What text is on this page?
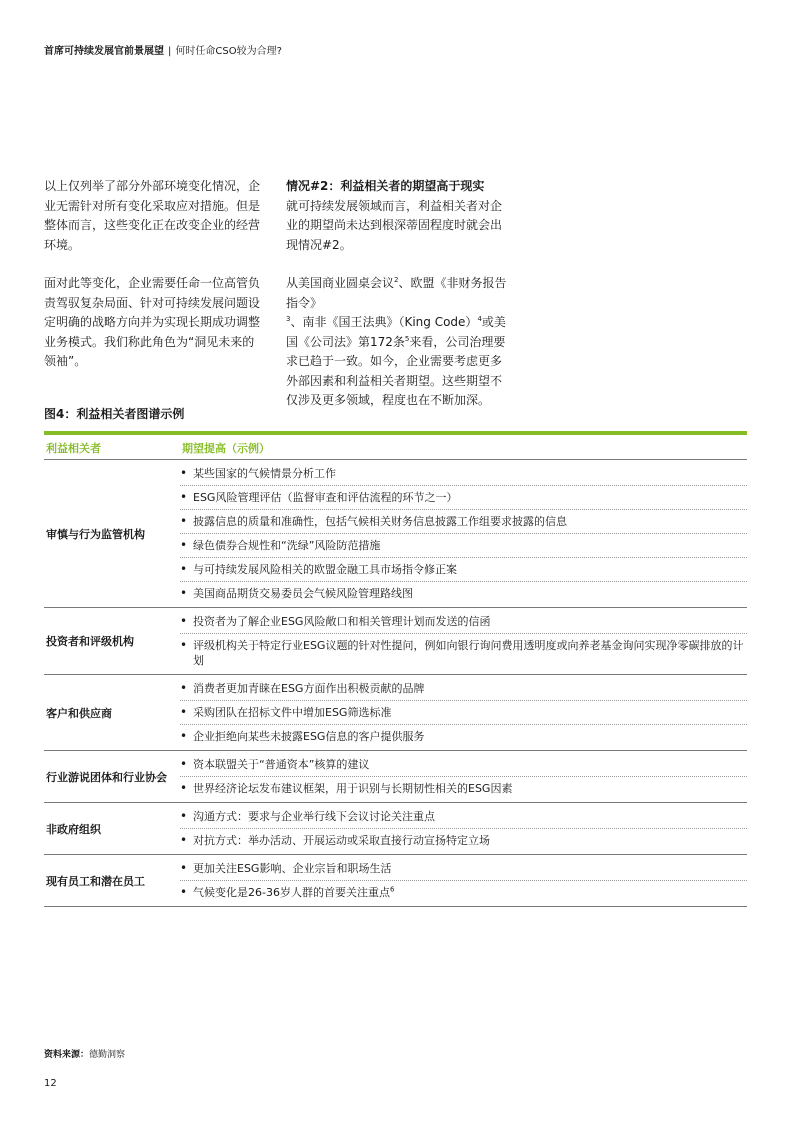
首席可持续发展官前景展望 | 何时任命CSO较为合理?

以上仅列举了部分外部环境变化情况，企业无需针对所有变化采取应对措施。但是整体而言，这些变化正在改变企业的经营环境。

面对此等变化，企业需要任命一位高管负责驾驭复杂局面、针对可持续发展问题设定明确的战略方向并为实现长期成功调整业务模式。我们称此角色为“洞见未来的领袖”。

情况#2：利益相关者的期望高于现实

就可持续发展领域而言，利益相关者对企业的期望尚未达到根深蒂固程度时就会出现情况#2。

从美国商业圆桌会议$^2$、欧盟《非财务报告指令》$^3$、南非《国王法典》（King Code）$^4$或美国《公司法》第172条$^5$来看，公司治理要求已趋于一致。如今，企业需要考虑更多外部因素和利益相关者期望。这些期望不仅涉及更多领域，程度也在不断加深。

图4：利益相关者图谱示例
利益相关者	期望提高（示例）
审慎与行为监管机构
• 某些国家的气候情景分析工作
• ESG风险管理评估（监督审查和评估流程的环节之一）
• 披露信息的质量和准确性，包括气候相关财务信息披露工作组要求披露的信息
• 绿色债券合规性和“洗绿”风险防范措施
• 与可持续发展风险相关的欧盟金融工具市场指令修正案
• 美国商品期货交易委员会气候风险管理路线图
投资者和评级机构
• 投资者为了解企业ESG风险敞口和相关管理计划而发送的信函
• 评级机构关于特定行业ESG议题的针对性提问，例如向银行询问费用透明度或向养老基金询问实现净零碳排放的计划
客户和供应商
• 消费者更加青睐在ESG方面作出积极贡献的品牌
• 采购团队在招标文件中增加ESG筛选标准
• 企业拒绝向某些未披露ESG信息的客户提供服务
行业游说团体和行业协会
• 资本联盟关于“普通资本”核算的建议
• 世界经济论坛发布建议框架，用于识别与长期韧性相关的ESG因素
非政府组织
• 沟通方式：要求与企业举行线下会议讨论关注重点
• 对抗方式：举办活动、开展运动或采取直接行动宣扬特定立场
现有员工和潜在员工
• 更加关注ESG影响、企业宗旨和职场生活
• 气候变化是26-36岁人群的首要关注重点$^6$
资料来源：德勤洞察
12
